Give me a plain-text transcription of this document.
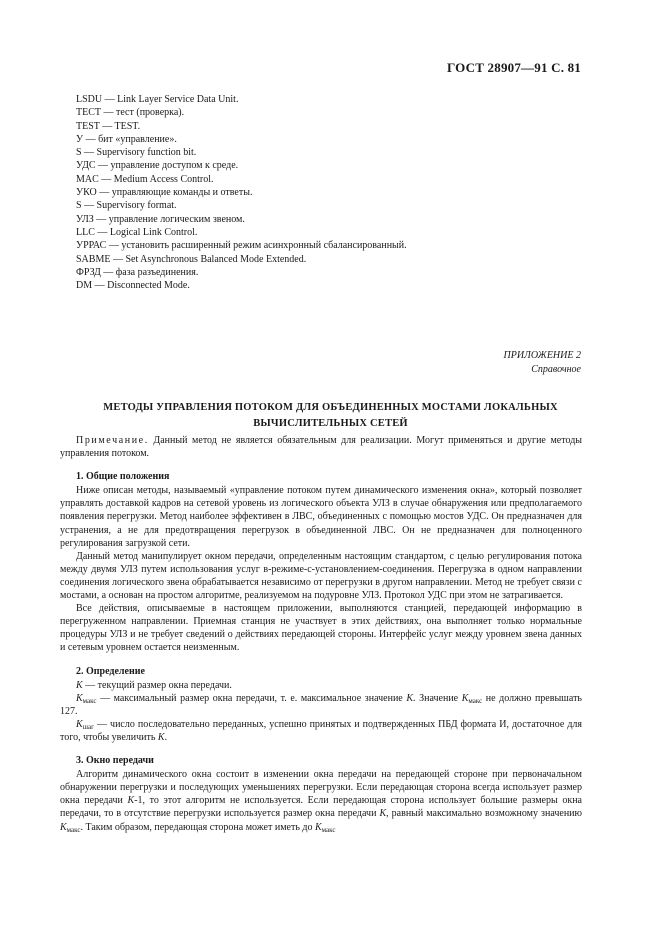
ГОСТ 28907—91 С. 81
LSDU — Link Layer Service Data Unit.
ТЕСТ — тест (проверка).
TEST — TEST.
У — бит «управление».
S — Supervisory function bit.
УДС — управление доступом к среде.
MAC — Medium Access Control.
УКО — управляющие команды и ответы.
S — Supervisory format.
УЛЗ — управление логическим звеном.
LLC — Logical Link Control.
УРРАС — установить расширенный режим асинхронный сбалансированный.
SABME — Set Asynchronous Balanced Mode Extended.
ФРЗД — фаза разъединения.
DM — Disconnected Mode.
ПРИЛОЖЕНИЕ 2
Справочное
МЕТОДЫ УПРАВЛЕНИЯ ПОТОКОМ ДЛЯ ОБЪЕДИНЕННЫХ МОСТАМИ ЛОКАЛЬНЫХ
ВЫЧИСЛИТЕЛЬНЫХ СЕТЕЙ

Примечание. Данный метод не является обязательным для реализации. Могут применяться и другие методы управления потоком.

1. Общие положения

Ниже описан методы, называемый «управление потоком путем динамического изменения окна», который позволяет управлять доставкой кадров на сетевой уровень из логического объекта УЛЗ в случае обнаружения или предполагаемого появления перегрузки. Метод наиболее эффективен в ЛВС, объединенных с помощью мостов УДС. Он предназначен для устранения, а не для предотвращения перегрузок в объединенной ЛВС. Он не предназначен для полноценного регулирования загрузкой сети.

Данный метод манипулирует окном передачи, определенным настоящим стандартом, с целью регулирования потока между двумя УЛЗ путем использования услуг в-режиме-с-установлением-соединения. Перегрузка в одном направлении соединения логического звена обрабатывается независимо от перегрузки в другом направлении. Метод не требует связи с мостами, а основан на простом алгоритме, реализуемом на подуровне УЛЗ. Протокол УДС при этом не затрагивается.

Все действия, описываемые в настоящем приложении, выполняются станцией, передающей информацию в перегруженном направлении. Приемная станция не участвует в этих действиях, она выполняет только нормальные процедуры УЛЗ и не требует сведений о действиях передающей стороны. Интерфейс услуг между уровнем звена данных и сетевым уровнем остается неизменным.

2. Определение

K — текущий размер окна передачи.

$K_{макс}$ — максимальный размер окна передачи, т. е. максимальное значение K. Значение $K_{макс}$ не должно превышать 127.

$K_{шаг}$ — число последовательно переданных, успешно принятых и подтвержденных ПБД формата И, достаточное для того, чтобы увеличить K.

3. Окно передачи

Алгоритм динамического окна состоит в изменении окна передачи на передающей стороне при первоначальном обнаружении перегрузки и последующих уменьшениях перегрузки. Если передающая сторона всегда использует размер окна передачи K-1, то этот алгоритм не используется. Если передающая сторона использует большие размеры окна передачи, то в отсутствие перегрузки используется размер окна передачи K, равный максимально возможному значению $K_{макс}$. Таким образом, передающая сторона может иметь до $K_{макс}$
